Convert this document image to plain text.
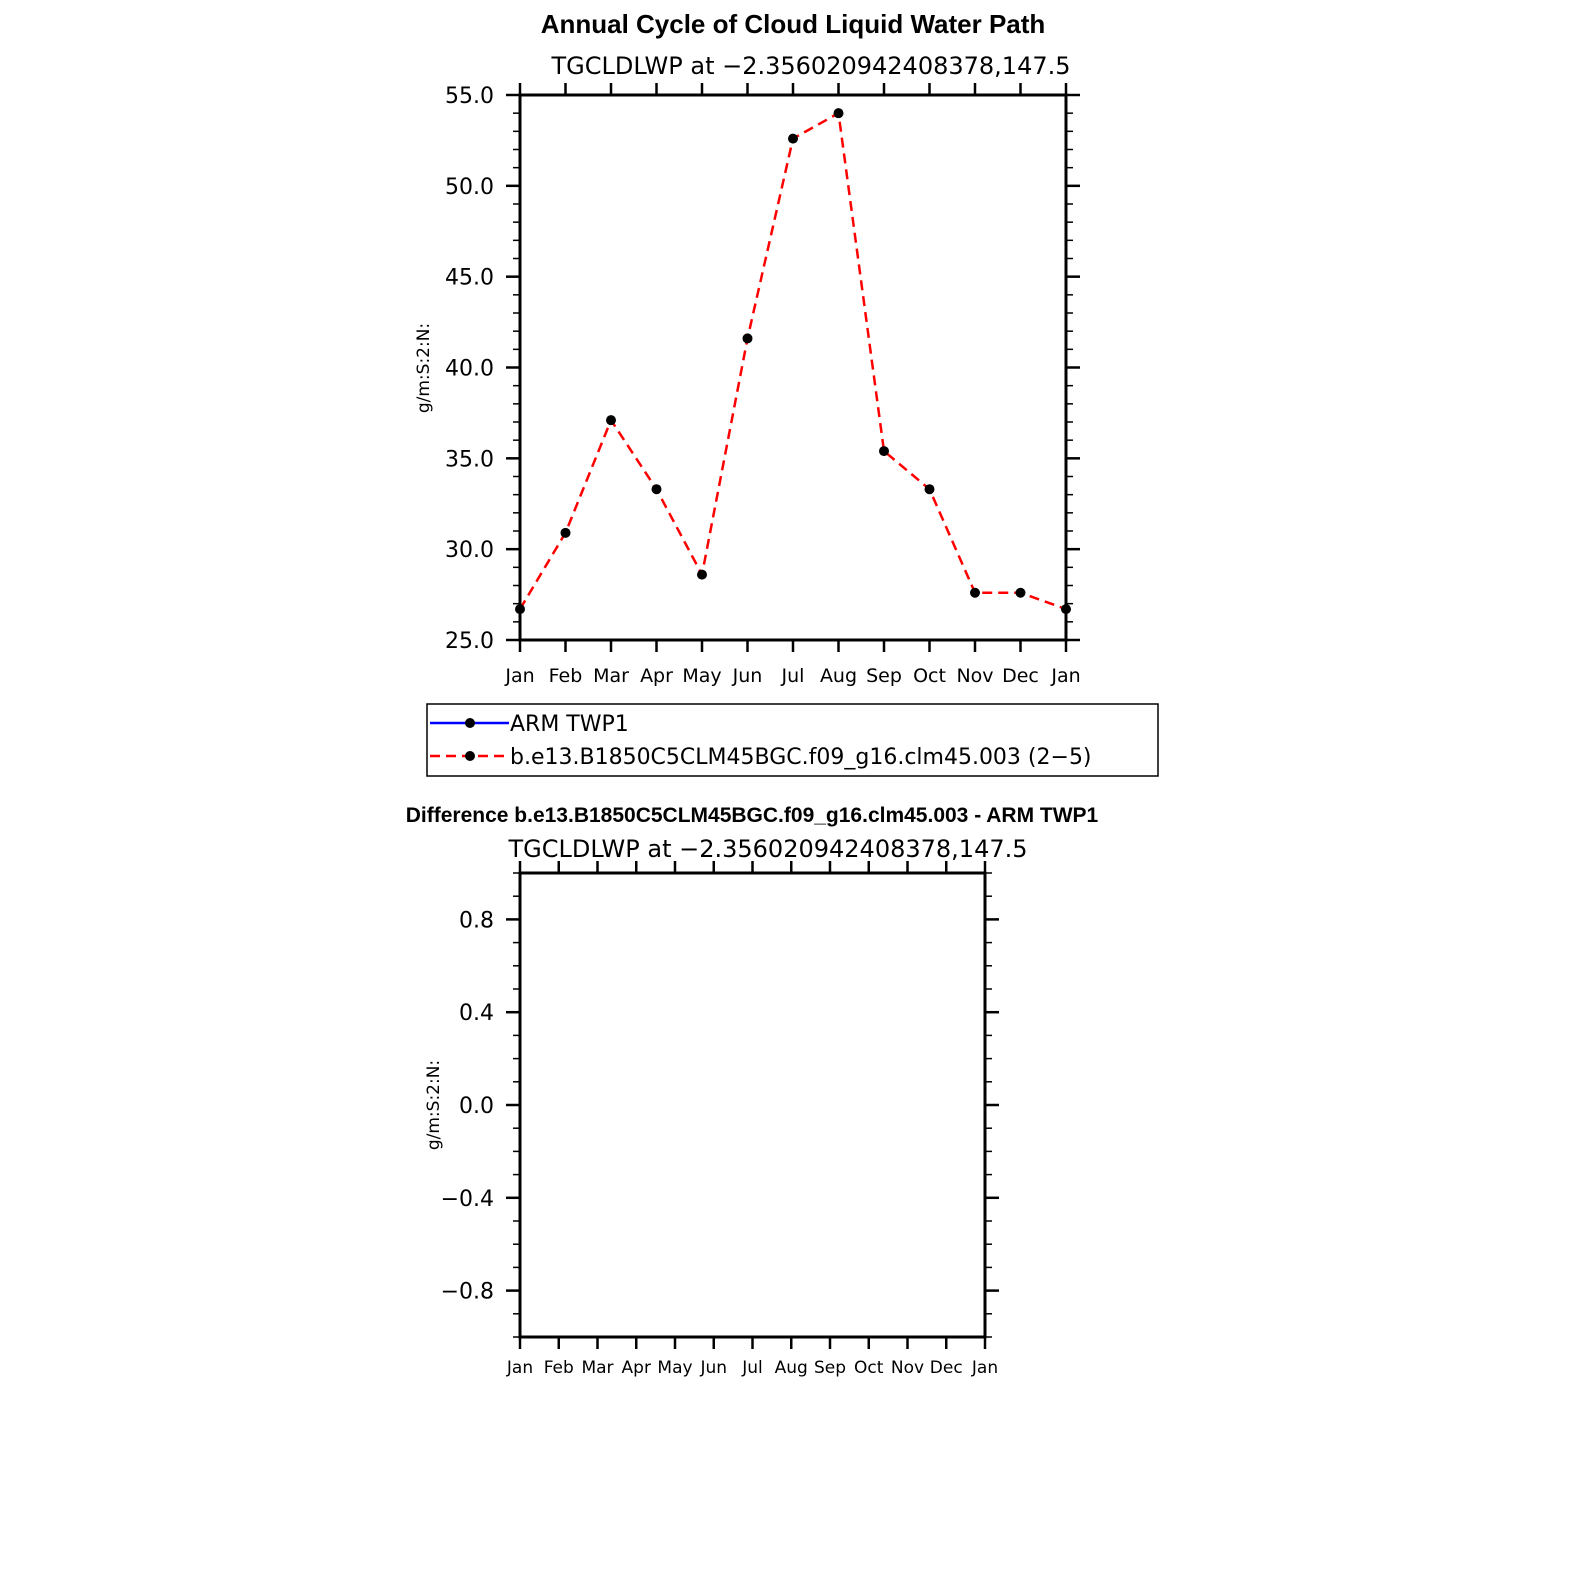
Annual Cycle of Cloud Liquid Water Path
TGCLDLWP at −2.356020942408378,147.5
g/m:S:2:N:
25.0
30.0
35.0
40.0
45.0
50.0
55.0
Jan Feb Mar Apr May Jun Jul Aug Sep Oct Nov Dec Jan
ARM TWP1
b.e13.B1850C5CLM45BGC.f09_g16.clm45.003 (2−5)
Difference b.e13.B1850C5CLM45BGC.f09_g16.clm45.003 - ARM TWP1
TGCLDLWP at −2.356020942408378,147.5
g/m:S:2:N:
−0.8
−0.4
0.0
0.4
0.8
Jan Feb Mar Apr May Jun Jul Aug Sep Oct Nov Dec Jan
